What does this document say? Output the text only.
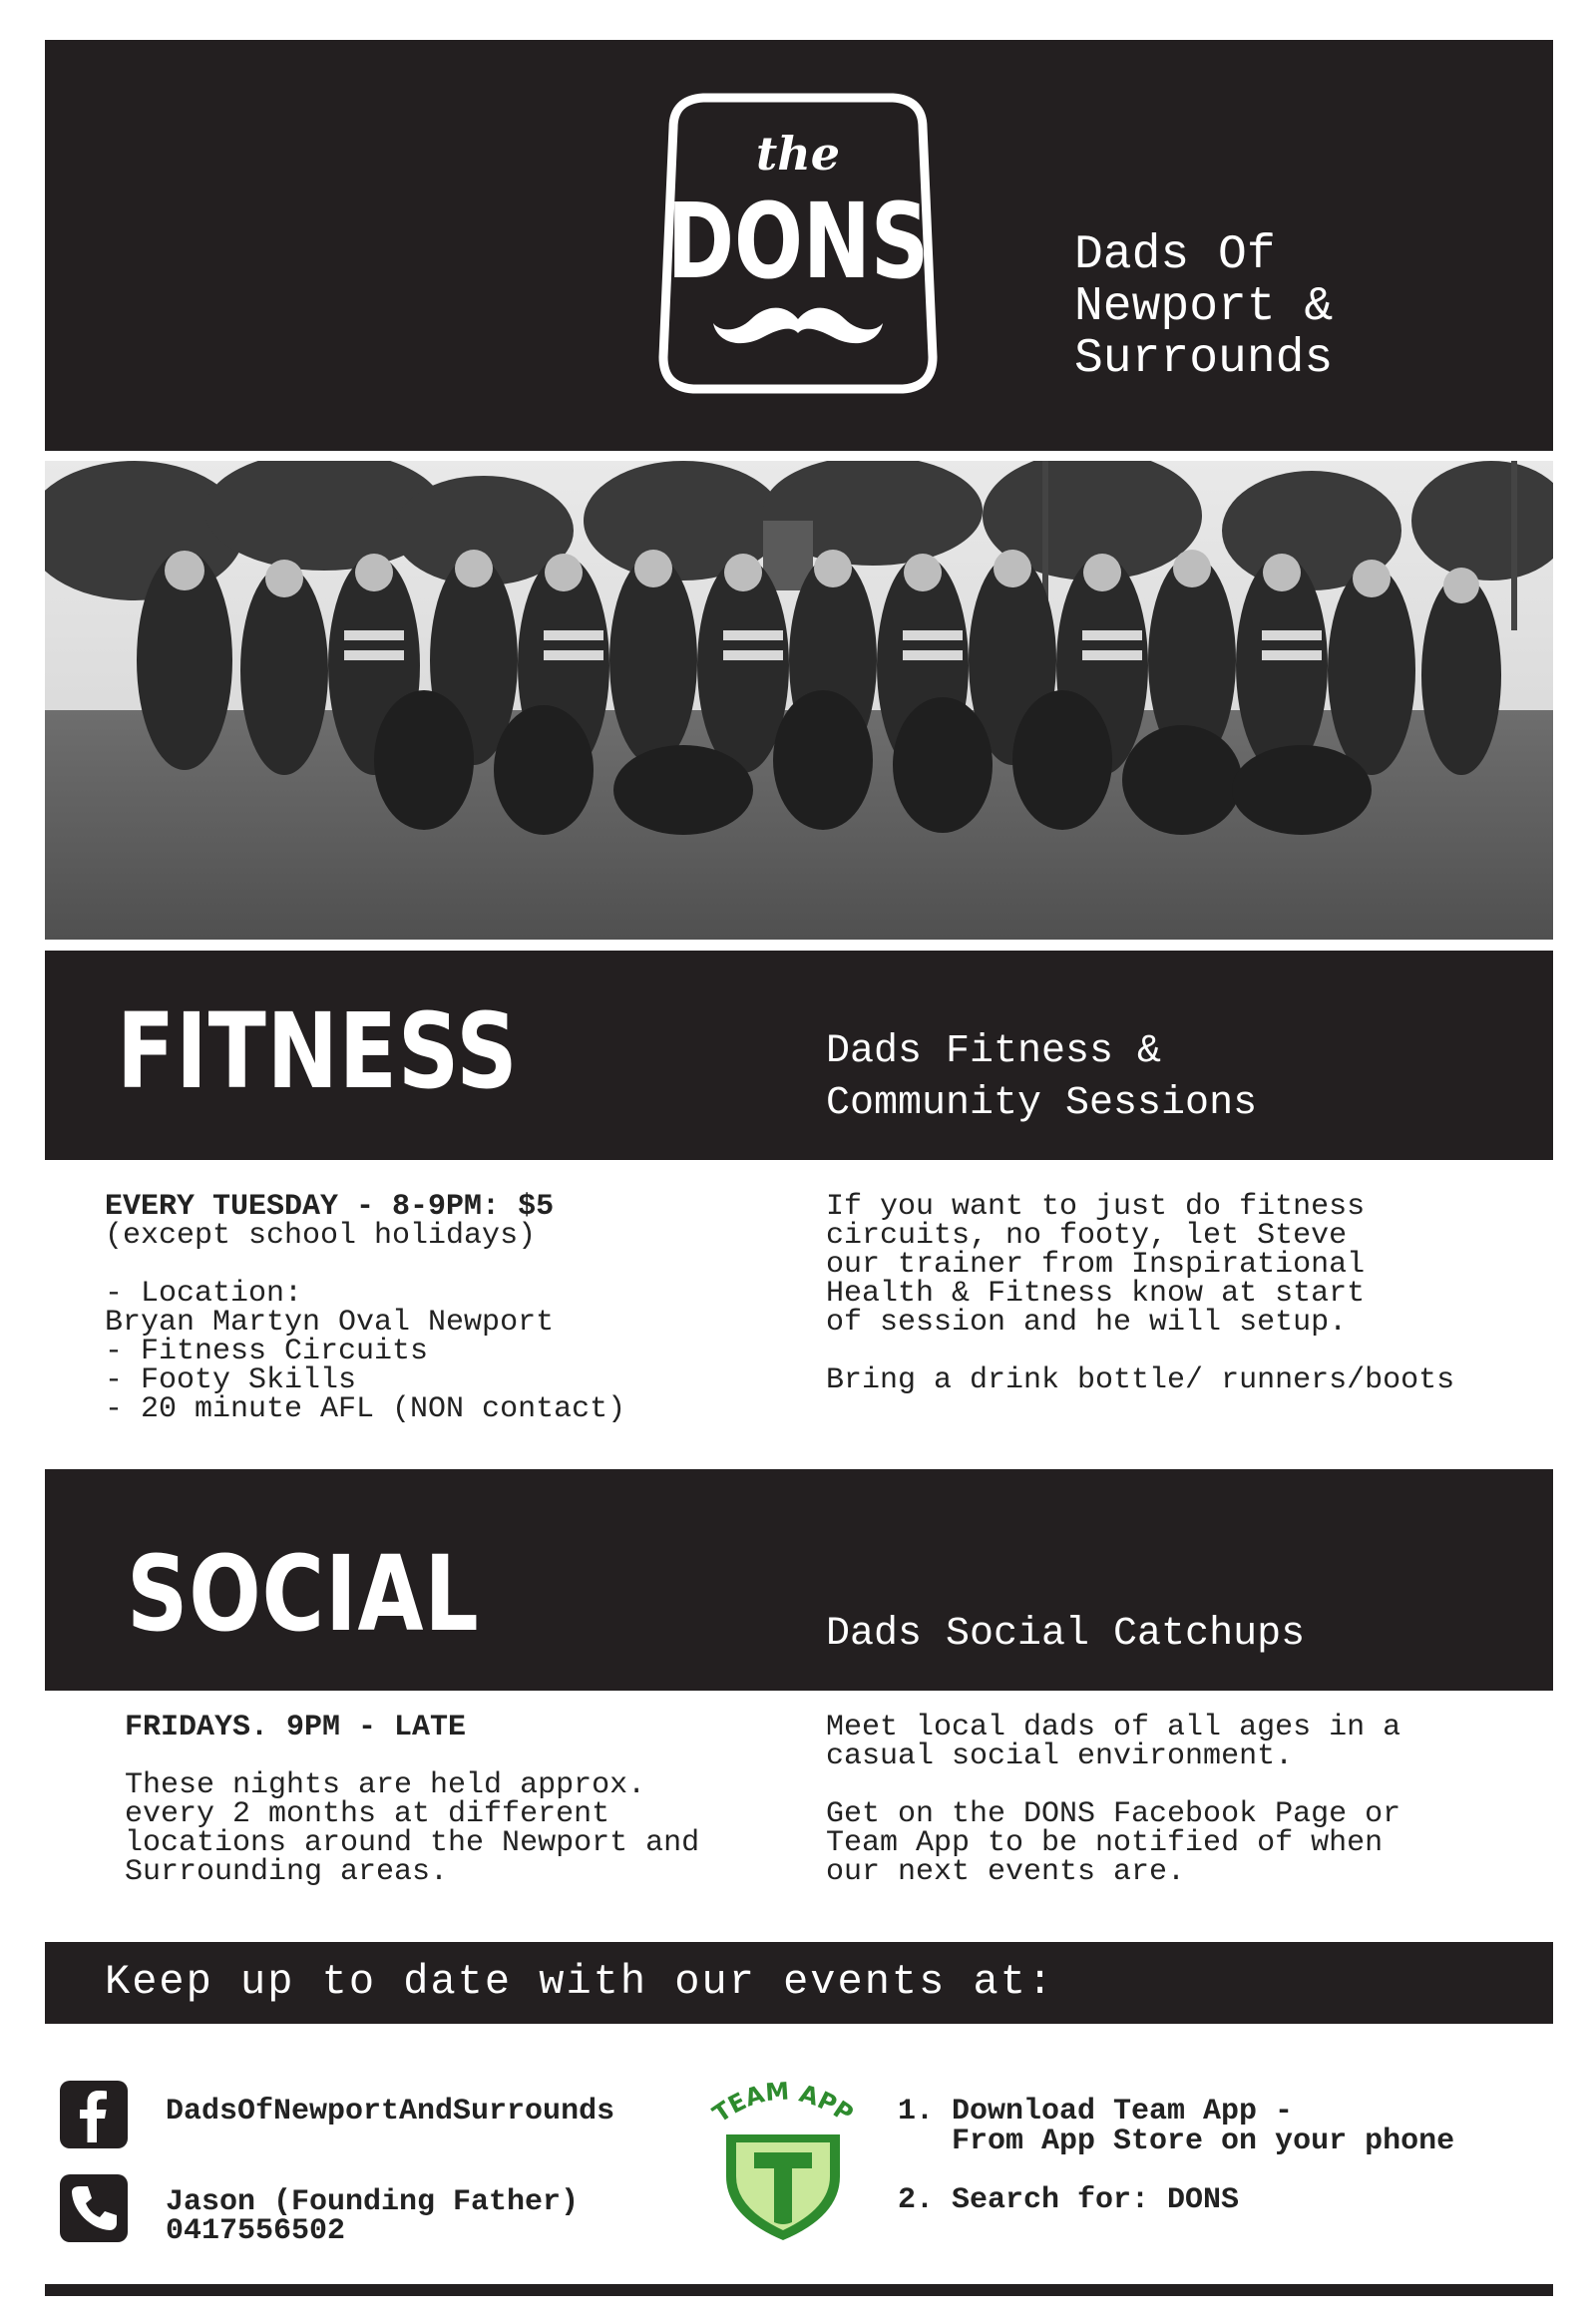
the
DONS	Dads Of
Newport &
Surrounds
FITNESS	Dads Fitness &
Community Sessions
EVERY TUESDAY - 8-9PM: $5
(except school holidays)
- Location:
Bryan Martyn Oval Newport
- Fitness Circuits
- Footy Skills
- 20 minute AFL (NON contact)
If you want to just do fitness
circuits, no footy, let Steve
our trainer from Inspirational
Health & Fitness know at start
of session and he will setup.
Bring a drink bottle/ runners/boots
SOCIAL	Dads Social Catchups
FRIDAYS. 9PM - LATE
These nights are held approx.
every 2 months at different
locations around the Newport and
Surrounding areas.
Meet local dads of all ages in a
casual social environment.
Get on the DONS Facebook Page or
Team App to be notified of when
our next events are.
Keep up to date with our events at:
DadsOfNewportAndSurrounds
Jason (Founding Father)
0417556502
TEAM APP 1. Download Team App -
From App Store on your phone
2. Search for: DONS
